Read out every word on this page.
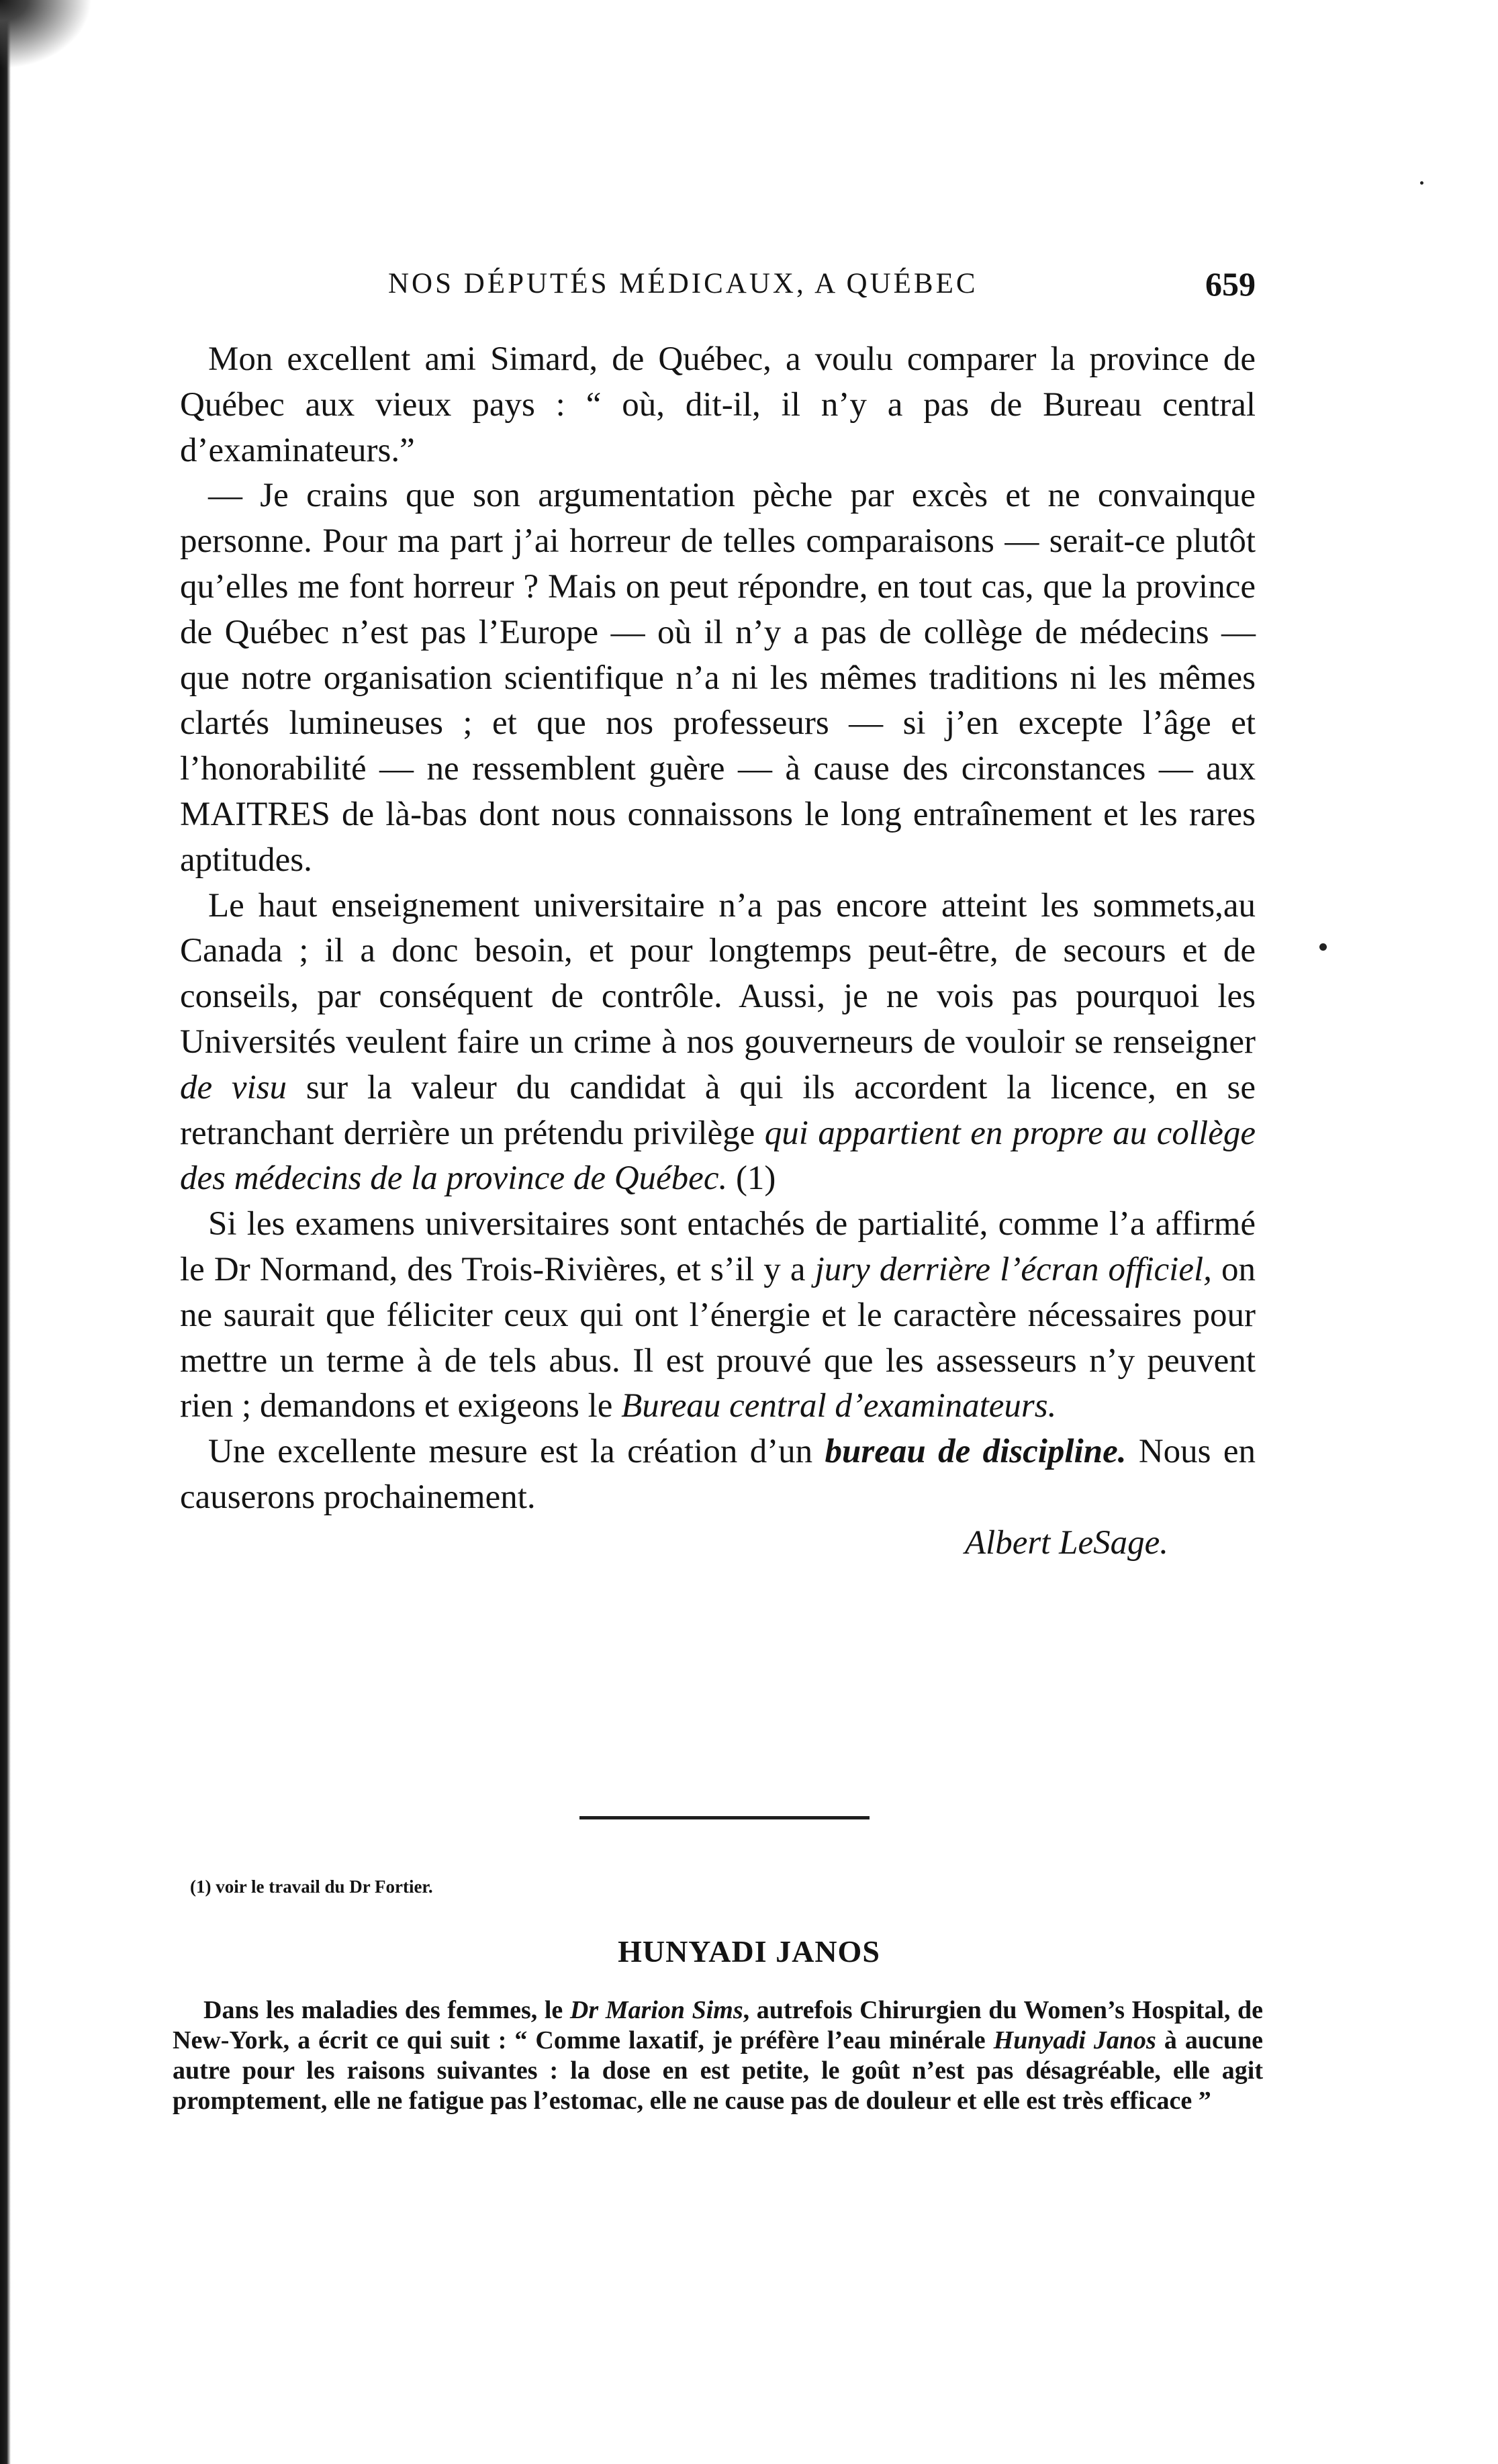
NOS DÉPUTÉS MÉDICAUX, A QUÉBEC	659

Mon excellent ami Simard, de Québec, a voulu comparer la province de Québec aux vieux pays : “ où, dit-il, il n’y a pas de Bureau central d’examinateurs.”

— Je crains que son argumentation pèche par excès et ne convainque personne. Pour ma part j’ai horreur de telles comparaisons — serait-ce plutôt qu’elles me font horreur ? Mais on peut répondre, en tout cas, que la province de Québec n’est pas l’Europe — où il n’y a pas de collège de médecins — que notre organisation scientifique n’a ni les mêmes traditions ni les mêmes clartés lumineuses ; et que nos professeurs — si j’en excepte l’âge et l’honorabilité — ne ressemblent guère — à cause des circonstances — aux MAITRES de là-bas dont nous connaissons le long entraînement et les rares aptitudes.

Le haut enseignement universitaire n’a pas encore atteint les sommets,au Canada ; il a donc besoin, et pour longtemps peut-être, de secours et de conseils, par conséquent de contrôle. Aussi, je ne vois pas pourquoi les Universités veulent faire un crime à nos gouverneurs de vouloir se renseigner de visu sur la valeur du candidat à qui ils accordent la licence, en se retranchant derrière un prétendu privilège qui appartient en propre au collège des médecins de la province de Québec. (1)

Si les examens universitaires sont entachés de partialité, comme l’a affirmé le Dr Normand, des Trois-Rivières, et s’il y a jury derrière l’écran officiel, on ne saurait que féliciter ceux qui ont l’énergie et le caractère nécessaires pour mettre un terme à de tels abus. Il est prouvé que les assesseurs n’y peuvent rien ; demandons et exigeons le Bureau central d’examinateurs.

Une excellente mesure est la création d’un bureau de discipline. Nous en causerons prochainement.

Albert LeSage.

(1) voir le travail du Dr Fortier.
HUNYADI JANOS

Dans les maladies des femmes, le Dr Marion Sims, autrefois Chirurgien du Women’s Hospital, de New-York, a écrit ce qui suit : “ Comme laxatif, je préfère l’eau minérale Hunyadi Janos à aucune autre pour les raisons suivantes : la dose en est petite, le goût n’est pas désagréable, elle agit promptement, elle ne fatigue pas l’estomac, elle ne cause pas de douleur et elle est très efficace ”
